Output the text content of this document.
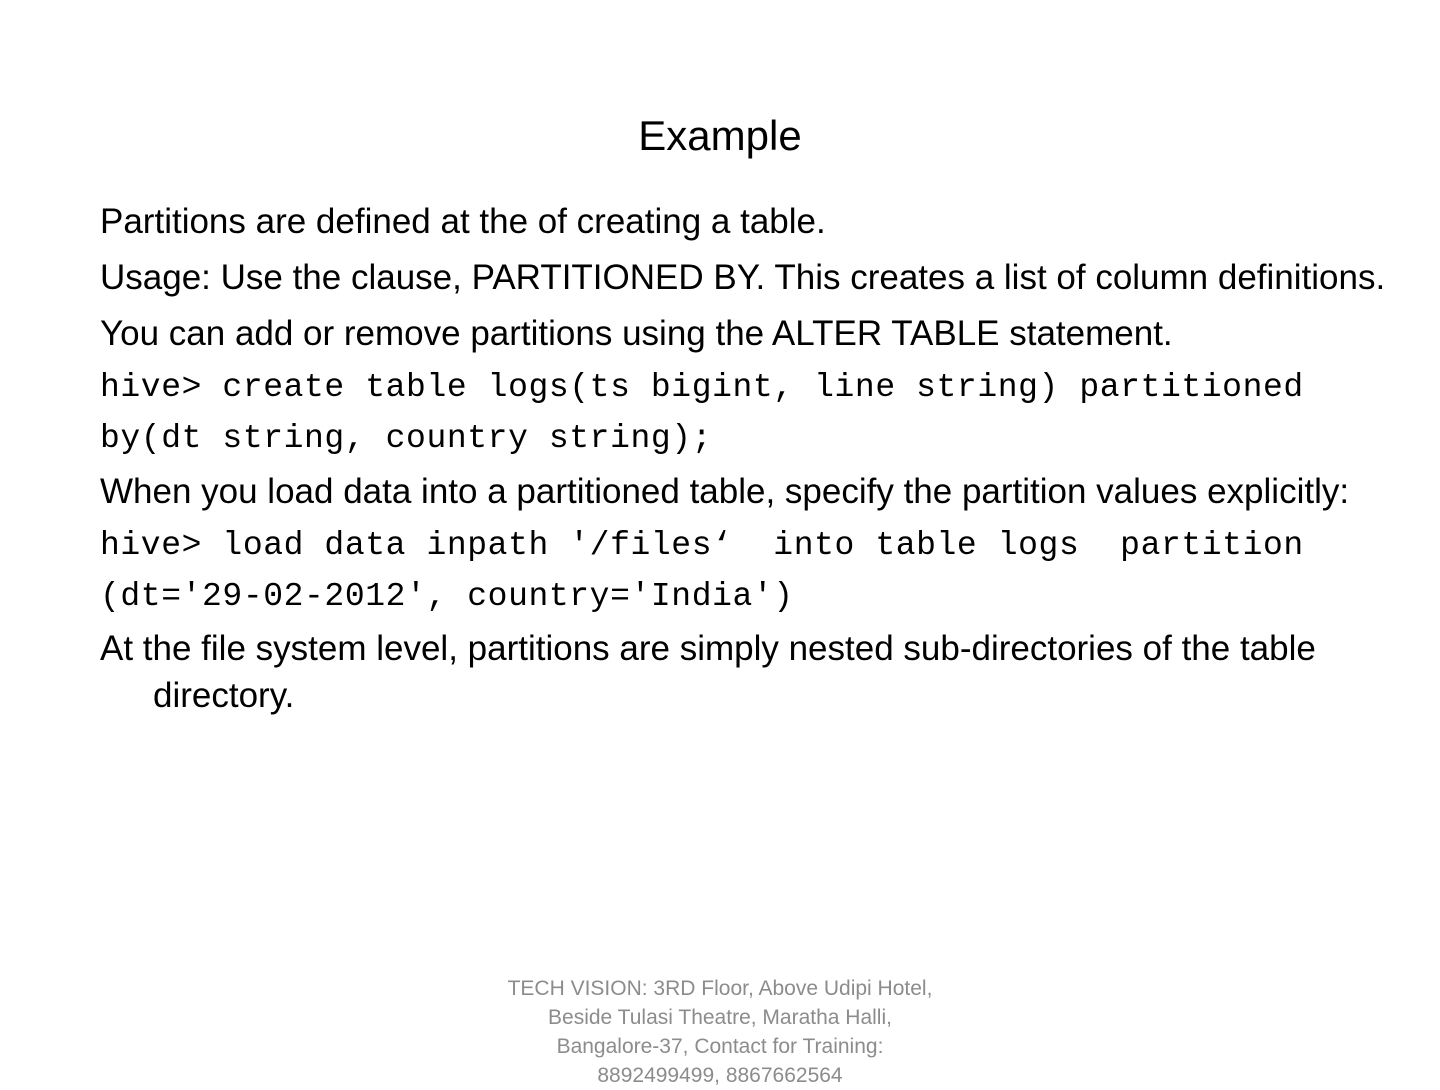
Example

Partitions are defined at the of creating a table.

Usage: Use the clause, PARTITIONED BY. This creates a list of column definitions.

You can add or remove partitions using the ALTER TABLE statement.

hive> create table logs(ts bigint, line string) partitioned
by(dt string, country string);

When you load data into a partitioned table, specify the partition values explicitly:

hive> load data inpath '/files‘  into table logs  partition
(dt='29-02-2012', country='India')

At the file system level, partitions are simply nested sub-directories of the table directory.

TECH VISION: 3RD Floor, Above Udipi Hotel, Beside Tulasi Theatre, Maratha Halli, Bangalore-37, Contact for Training: 8892499499, 8867662564
